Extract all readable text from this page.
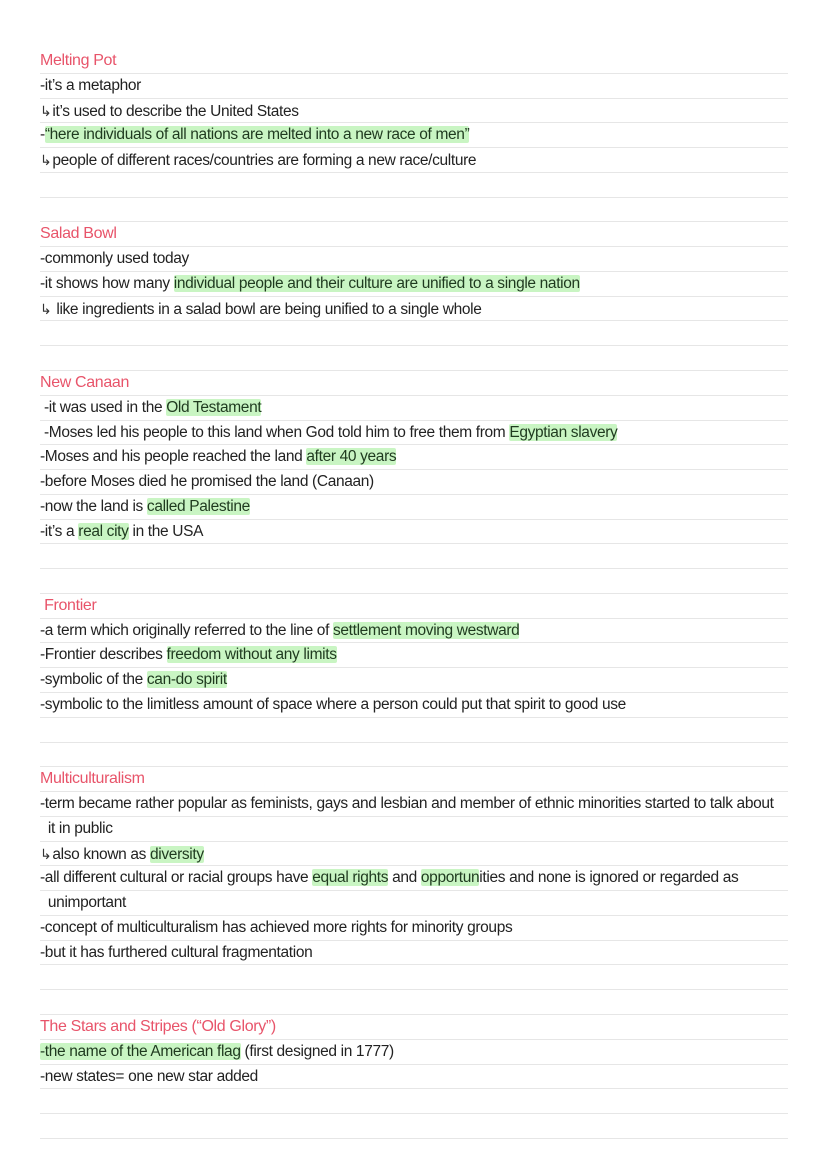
Melting Pot
-it’s a metaphor
↳it’s used to describe the United States
-“here individuals of all nations are melted into a new race of men”
↳people of different races/countries are forming a new race/culture
Salad Bowl
-commonly used today
-it shows how many individual people and their culture are unified to a single nation
↳ like ingredients in a salad bowl are being unified to a single whole
New Canaan
-it was used in the Old Testament
-Moses led his people to this land when God told him to free them from Egyptian slavery
-Moses and his people reached the land after 40 years
-before Moses died he promised the land (Canaan)
-now the land is called Palestine
-it’s a real city in the USA
Frontier
-a term which originally referred to the line of settlement moving westward
-Frontier describes freedom without any limits
-symbolic of the can-do spirit
-symbolic to the limitless amount of space where a person could put that spirit to good use
Multiculturalism
-term became rather popular as feminists, gays and lesbian and member of ethnic minorities started to talk about
it in public
↳also known as diversity
-all different cultural or racial groups have equal rights and opportunities and none is ignored or regarded as
unimportant
-concept of multiculturalism has achieved more rights for minority groups
-but it has furthered cultural fragmentation
The Stars and Stripes (“Old Glory”)
-the name of the American flag (first designed in 1777)
-new states= one new star added
